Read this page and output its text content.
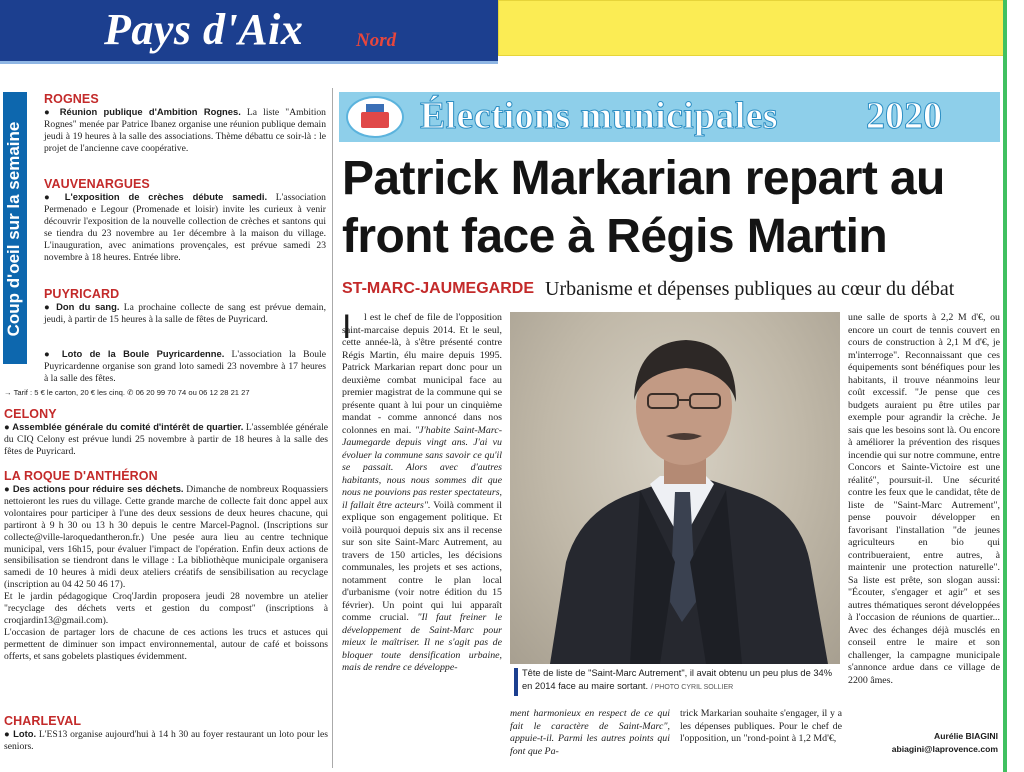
Pays d'Aix	Nord
Coup d'oeil sur la semaine
ROGNES
● Réunion publique d'Ambition Rognes. La liste "Ambition Rognes" menée par Patrice Ibanez organise une réunion publique demain jeudi à 19 heures à la salle des associations. Thème débattu ce soir-là : le projet de l'ancienne cave coopérative.
VAUVENARGUES
● L'exposition de crèches débute samedi. L'association Permenado e Legour (Promenade et loisir) invite les curieux à venir découvrir l'exposition de la nouvelle collection de crèches et santons qui se tiendra du 23 novembre au 1er décembre à la maison du village. L'inauguration, avec animations provençales, est prévue samedi 23 novembre à 18 heures. Entrée libre.
PUYRICARD
● Don du sang. La prochaine collecte de sang est prévue demain, jeudi, à partir de 15 heures à la salle de fêtes de Puyricard.
● Loto de la Boule Puyricardenne. L'association la Boule Puyricardenne organise son grand loto samedi 23 novembre à 17 heures à la salle des fêtes.
→ Tarif : 5 € le carton, 20 € les cinq. ✆ 06 20 99 70 74 ou 06 12 28 21 27
CELONY
● Assemblée générale du comité d'intérêt de quartier. L'assemblée générale du CIQ Celony est prévue lundi 25 novembre à partir de 18 heures à la salle des fêtes de Puyricard.
LA ROQUE D'ANTHÉRON
● Des actions pour réduire ses déchets. Dimanche de nombreux Roquassiers nettoieront les rues du village. Cette grande marche de collecte fait donc appel aux volontaires pour participer à l'une des deux sessions de deux heures chacune, qui partiront à 9 h 30 ou 13 h 30 depuis le centre Marcel-Pagnol. (Inscriptions sur collecte@ville-laroquedantheron.fr.) Une pesée aura lieu au centre technique municipal, vers 16h15, pour évaluer l'impact de l'opération. Enfin deux actions de sensibilisation se tiendront dans le village : La bibliothèque municipale organisera samedi de 10 heures à midi deux ateliers créatifs de sensibilisation au recyclage (inscription au 04 42 50 46 17).
Et le jardin pédagogique Croq'Jardin proposera jeudi 28 novembre un atelier "recyclage des déchets verts et gestion du compost" (inscriptions à croqjardin13@gmail.com).
L'occasion de partager lors de chacune de ces actions les trucs et astuces qui permettent de diminuer son impact environnemental, autour de café et boissons offerts, et sans gobelets plastiques évidemment.
CHARLEVAL
● Loto. L'ES13 organise aujourd'hui à 14 h 30 au foyer restaurant un loto pour les seniors.
Élections municipales 2020
Patrick Markarian repart au front face à Régis Martin
ST-MARC-JAUMEGARDE Urbanisme et dépenses publiques au cœur du débat
I	l est le chef de file de l'opposition saint-marcaise depuis 2014. Et le seul, cette année-là, à s'être présenté contre Régis Martin, élu maire depuis 1995. Patrick Markarian repart donc pour un deuxième combat municipal face au premier magistrat de la commune qui se présente quant à lui pour un cinquième mandat - comme annoncé dans nos colonnes en mai. "J'habite Saint-Marc-Jaumegarde depuis vingt ans. J'ai vu évoluer la commune sans savoir ce qu'il se passait. Alors avec d'autres habitants, nous nous sommes dit que nous ne pouvions pas rester spectateurs, il fallait être acteurs". Voilà comment il explique son engagement politique. Et voilà pourquoi depuis six ans il recense sur son site Saint-Marc Autrement, au travers de 150 articles, les décisions communales, les projets et ses actions, notamment contre le plan local d'urbanisme (voir notre édition du 15 février). Un point qui lui apparaît comme crucial. "Il faut freiner le développement de Saint-Marc pour mieux le maîtriser. Il ne s'agit pas de bloquer toute densification urbaine, mais de rendre ce développe-	Tête de liste de "Saint-Marc Autrement", il avait obtenu un peu plus de 34% en 2014 face au maire sortant. / PHOTO CYRIL SOLLIER
ment harmonieux en respect de ce qui fait le caractère de Saint-Marc", appuie-t-il. Parmi les autres points qui font que Pa-
trick Markarian souhaite s'engager, il y a les dépenses publiques. Pour le chef de l'opposition, un "rond-point à 1,2 Md'€,
une salle de sports à 2,2 M d'€, ou encore un court de tennis couvert en cours de construction à 2,1 M d'€, je m'interroge". Reconnaissant que ces équipements sont bénéfiques pour les habitants, il trouve néanmoins leur coût excessif. "Je pense que ces budgets auraient pu être utiles par exemple pour agrandir la crèche. Je sais que les besoins sont là. Ou encore à améliorer la prévention des risques incendie qui sur notre commune, entre Concors et Sainte-Victoire est une réalité", poursuit-il. Une sécurité contre les feux que le candidat, tête de liste de "Saint-Marc Autrement", pense pouvoir développer en favorisant l'installation "de jeunes agriculteurs en bio qui contribueraient, entre autres, à maintenir une protection naturelle". Sa liste est prête, son slogan aussi: "Écouter, s'engager et agir" et ses autres thématiques seront développées à l'occasion de réunions de quartier... Avec des échanges déjà musclés en conseil entre le maire et son challenger, la campagne municipale s'annonce ardue dans ce village de 2200 âmes.
Aurélie BIAGINI
abiagini@laprovence.com
